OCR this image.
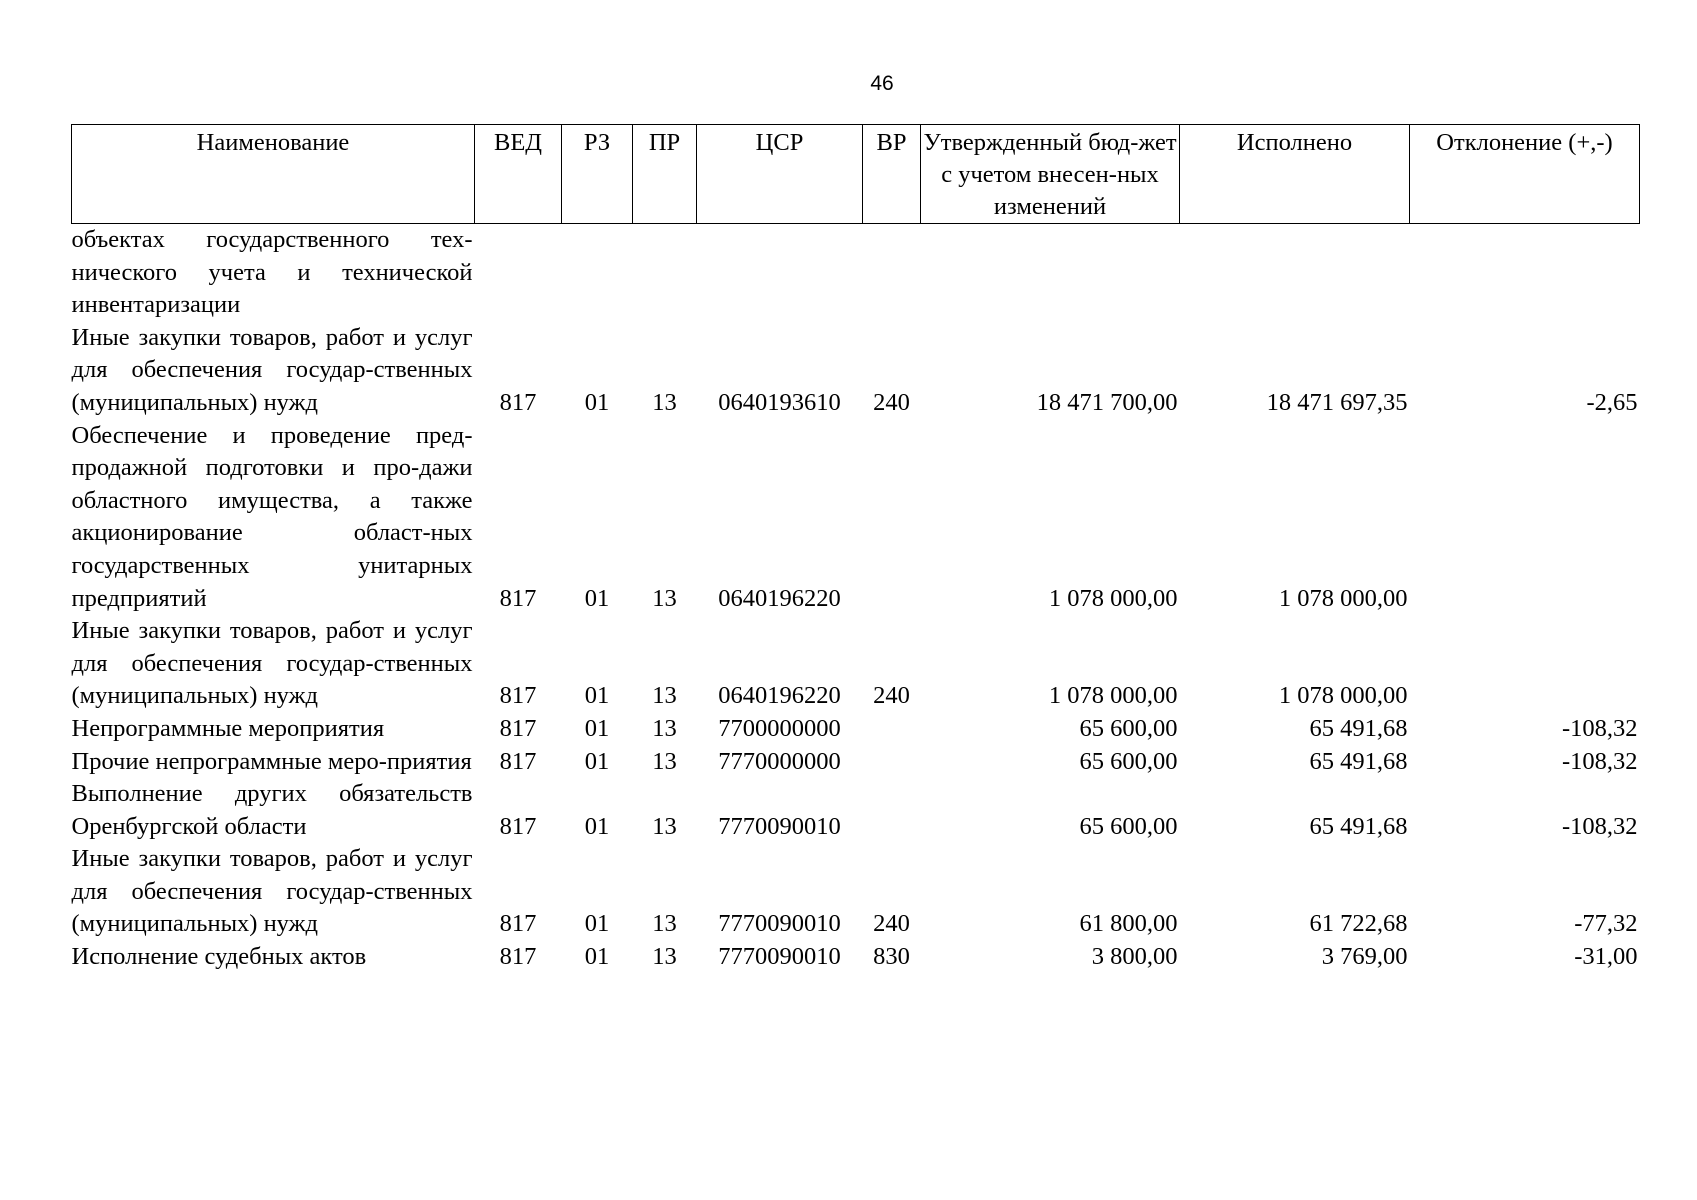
46
Наименование	ВЕД	РЗ	ПР	ЦСР	ВР	Утвержденный бюд-жет с учетом внесен-ных изменений	Исполнено	Отклонение (+,-)
объектах государственного тех-нического учета и технической инвентаризации								
Иные закупки товаров, работ и услуг для обеспечения государ-ственных (муниципальных) нужд	817	01	13	0640193610	240	18 471 700,00	18 471 697,35	-2,65
Обеспечение и проведение пред-продажной подготовки и про-дажи областного имущества, а также акционирование област-ных государственных унитарных предприятий	817	01	13	0640196220		1 078 000,00	1 078 000,00	
Иные закупки товаров, работ и услуг для обеспечения государ-ственных (муниципальных) нужд	817	01	13	0640196220	240	1 078 000,00	1 078 000,00	
Непрограммные мероприятия	817	01	13	7700000000		65 600,00	65 491,68	-108,32
Прочие непрограммные меро-приятия	817	01	13	7770000000		65 600,00	65 491,68	-108,32
Выполнение других обязательств Оренбургской области	817	01	13	7770090010		65 600,00	65 491,68	-108,32
Иные закупки товаров, работ и услуг для обеспечения государ-ственных (муниципальных) нужд	817	01	13	7770090010	240	61 800,00	61 722,68	-77,32
Исполнение судебных актов	817	01	13	7770090010	830	3 800,00	3 769,00	-31,00
